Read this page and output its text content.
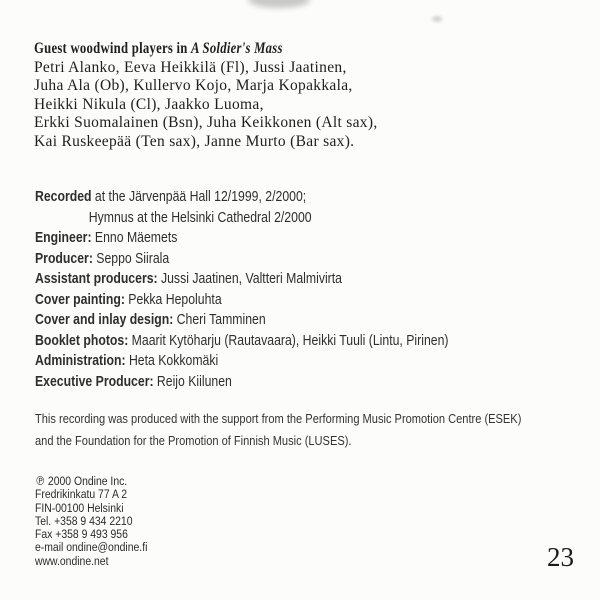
Guest woodwind players in A Soldier's Mass
Petri Alanko, Eeva Heikkilä (Fl), Jussi Jaatinen,
Juha Ala (Ob), Kullervo Kojo, Marja Kopakkala,
Heikki Nikula (Cl), Jaakko Luoma,
Erkki Suomalainen (Bsn), Juha Keikkonen (Alt sax),
Kai Ruskeepää (Ten sax), Janne Murto (Bar sax).
Recorded at the Järvenpää Hall 12/1999, 2/2000;
Hymnus at the Helsinki Cathedral 2/2000
Engineer: Enno Mäemets
Producer: Seppo Siirala
Assistant producers: Jussi Jaatinen, Valtteri Malmivirta
Cover painting: Pekka Hepoluhta
Cover and inlay design: Cheri Tamminen
Booklet photos: Maarit Kytöharju (Rautavaara), Heikki Tuuli (Lintu, Pirinen)
Administration: Heta Kokkomäki
Executive Producer: Reijo Kiilunen
This recording was produced with the support from the Performing Music Promotion Centre (ESEK)
and the Foundation for the Promotion of Finnish Music (LUSES).
℗ 2000 Ondine Inc.
Fredrikinkatu 77 A 2
FIN-00100 Helsinki
Tel. +358 9 434 2210
Fax +358 9 493 956
e-mail ondine@ondine.fi
www.ondine.net	23
